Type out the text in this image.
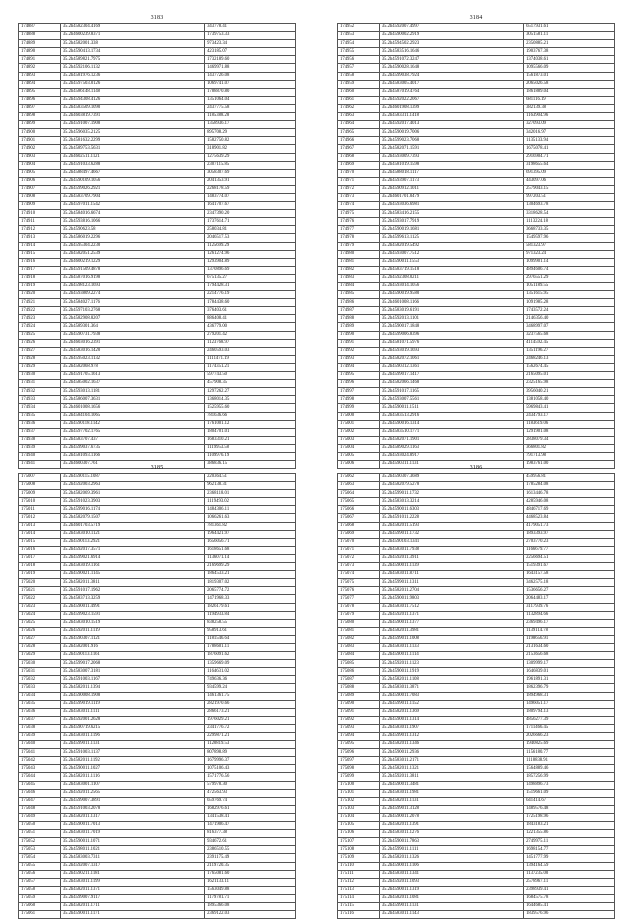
3183
174887	35.2h4582304.4169	343778.41
174888	35.2h4600239.8371	1739753.33
174889	35.2h4582001.338	973423.34
174890	35.2h4590413.1734	423185.07
174891	35.2h4589821.7975	1732189.60
174892	35.2h4592106.1132	1469971.88
174893	35.2h4581976.1236	1437726.08
174894	35.2h4597503.0126	1069741.07
174895	35.2h4586148.1148	1788870.80
174896	35.2h4594308.4126	1351064.04
174897	35.2h4583509.1090	2437775.58
174898	35.2h4603819.7391	1185388.28
174899	35.2h4591007.1908	1358936.17
174900	35.2h4596035.2125	895708.29
174901	35.2h4581632.2299	1582750.82
174902	35.2h4589753.5631	318901.82
174903	35.2h4602511.1121	1275639.29
174904	35.2h4591033.6288	2307115.85
174905	35.2h4588497.4667	3058307.69
174906	35.2h4590109.1056	2041353.91
174907	35.2h4599026.2921	2268178.59
174908	35.2h4583709.7904	1483774.07
174909	35.2h4597011.1542	1641707.67
174910	35.2h4584016.6674	2347390.20
174911	35.2h4593816.1066	1737614.71
174912	35.2h4590623.58	258034.81
174913	35.2h4586019.2296	2046517.53
174914	35.2h4595304.2230	1125699.29
174915	35.2h4582051.2539	1261274.96
174916	35.2h4600219.1229	1293904.89
174917	35.2h4591509.4878	1370896.69
174918	35.2h4587016.9198	675135.27
174919	35.2h4598123.1693	1794428.31
174920	35.2h4593809.2274	2214776.19
174921	35.2h4584027.1176	1784438.60
174922	35.2h4597103.2768	376403.61
174923	35.2h4582908.8207	886408.41
174924	35.2h4589301.364	436779.00
174925	35.2h4590731.7938	279201.42
174926	35.2h4603016.2391	1123768.97
174927	35.2h4583016.1420	2460593.03
174928	35.2h4595023.1132	1111471.19
174929	35.2h4582068.978	1174351.21
174930	35.2h4591705.1613	597743.50
174931	35.2h4585002.1637	457908.35
174932	35.2h4593013.1181	1297262.27
174933	35.2h4586007.3631	1368014.35
174934	35.2h4601008.1656	1525955.60
174935	35.2h4584104.1065	781636.66
174936	35.2h4590118.1142	1761001.12
174937	35.2h4597702.1765	1804701.01
174938	35.2h4583707.437	1683310.21
174939	35.2h4599037.6735	1119953.58
174940	35.2h4581093.1166	1109976.19
174941	35.2h4600307.761	386836.15
3184
174952	35.2h4592007.4997	6517931.61
174953	35.2h4590002.2919	3051581.11
174954	35.2h4594502.2923	2350885.21
174955	35.2h4583516.1646	1903767.38
174956	35.2h4591072.3247	1374038.61
174957	35.2h4590028.1648	1095566.09
174958	35.2h4599038.7924	1561873.01
174959	35.2h4583005.4017	2065026.58
174960	35.2h4587019.4764	1861889.04
174961	35.2h4592022.2067	681116.19
174962	35.2h4601908.1399	382139.38
174963	35.2h4583311.1418	1163904.96
174964	35.2h4592017.4013	327093.09
174965	35.2h4590019.7006	342016.97
174966	35.2h4599023.7068	1135133.94
174967	35.2h4582071.1591	1675078.41
174968	35.2h4593009.7393	2916904.71
174969	35.2h4581019.1598	3198655.64
174970	35.2h4588018.1117	691395.09
174971	35.2h4593907.1173	443097.06
174972	35.2h4590912.1011	2579043.15
174973	35.2h4601701.0479	997203.51
174974	35.2h4593036.6981	1304693.78
174975	35.2h4583416.2155	3318628.54
174976	35.2h4593017.7919	1113224.18
174977	35.2h4590019.1681	3668733.35
174978	35.2h4599613.1125	1549597.96
174979	35.2h4582019.5492	581323.97
174980	35.2h4593007.7512	971323.24
174981	35.2h4590011.1553	1099901.14
174982	35.2h4583719.1518	4894606.74
174983	35.2h4592308.0211	2976551.29
174984	35.2h4593014.1056	1051189.55
174985	35.2h4590019.9580	1351615.95
174986	35.2h4601008.1166	1091985.28
174987	35.2h4583019.6191	1743572.24
174988	35.2h4592013.1101	2146356.40
174989	35.2h4590017.1848	3468997.07
174990	35.2h4599006.8396	3237565.68
174991	35.2h4581071.5976	4114592.45
174992	35.2h4593019.1693	1351196.27
174993	35.2h4582072.1061	2468246.13
174994	35.2h4590312.1361	1562674.45
174995	35.2h4599017.1417	2165095.01
174996	35.2h4582066.1468	2325165.98
174997	35.2h4591017.1165	3956040.21
174998	35.2h4593007.5561	1381058.40
174999	35.2h4590011.1511	5969843.41
175000	35.2h4583513.2916	2434793.17
175001	35.2h4590016.1314	1183619.06
175002	35.2h4583510.1771	1291901.08
175003	35.2h4582071.1901	2838079.34
175004	35.2h4589029.1163	366801.82
175005	35.2h4593024.8917	791713.98
175006	35.2h4590311.1131	1983761.00
3185
175007	35.2h4590115.1087	220364.51
175008	35.2h4592003.2963	962138.31
175009	35.2h4582069.3961	2368118.01
175010	35.2h4591023.3903	1119493.02
175011	35.2h4599016.1174	1484306.11
175012	35.2h4582079.1507	1066261.63
175013	35.2h4601703.5719	781361.82
175014	35.2h4583010.1121	1964421.97
175015	35.2h4590113.2921	1656056.71
175016	35.2h4592017.3571	1618651.68
175017	35.2h4599021.6914	1136071.14
175018	35.2h4583019.1161	2169699.29
175019	35.2h4590021.1145	1864533.21
175020	35.2h4582011.3811	1819307.02
175021	35.2h4591017.1962	2065774.72
175022	35.2h4583713.3259	1471968.33
175023	35.2h4590011.4991	1826179.61
175024	35.2h4599023.1591	1194933.84
175025	35.2h4583010.1519	838258.55
175026	35.2h4592011.1119	958913.61
175027	35.2h4590307.1121	1181546.64
175028	35.2h4582001.916	1788601.11
175029	35.2h4590113.1161	1876091.62
175030	35.2h4599017.2068	1359669.09
175031	35.2h4583007.3181	1164631.02
175032	35.2h4591003.1167	749636.36
175033	35.2h4582011.1394	934599.24
175034	35.2h4590008.1908	1461361.75
175035	35.2h4599019.1119	2821970.66
175036	35.2h4583011.1111	2866173.21
175037	35.2h4592001.2628	1976029.21
175038	35.2h4590719.6215	2341776.72
175039	35.2h4583011.1196	2299871.21
175040	35.2h4599011.1131	1120819.53
175041	35.2h4591003.1137	807898.89
175042	35.2h4582011.1192	1679996.37
175043	35.2h4590011.1027	1075106.43
175044	35.2h4582011.1116	1571776.56
175045	35.2h4583001.1107	579978.30
175046	35.2h4592011.2565	472563.93
175047	35.2h4599007.3891	659769.74
175048	35.2h4591003.2078	1682976.61
175049	35.2h4582011.1317	1341538.41
175050	35.2h4590011.7013	1471906.47
175051	35.2h4583011.7019	816377.38
175052	35.2h4590011.1071	934672.61
175053	35.2h4598011.1021	2386510.55
175054	35.2h4583003.7311	2391175.49
175055	35.2h4592007.1317	2119720.35
175056	35.2h4590211.1181	1765081.60
175057	35.2h4583011.1199	1621133.11
175058	35.2h4582011.1371	1563049.88
175059	35.2h4599007.9117	1179781.71
175060	35.2h4582011.1711	1895366.08
175061	35.2h4590011.1171	2369122.03
3186
175062	35.2h4590307.3689	459956.81
175063	35.2h4582079.5278	1785284.08
175064	35.2h4599011.1732	1613446.78
175065	35.2h4583013.3214	4285946.08
175066	35.2h4590011.6303	4846717.69
175067	35.2h4591011.2228	4468523.84
175068	35.2h4582011.5193	4179051.73
175069	35.2h4599011.1732	1893393.97
175070	35.2h4590103.1341	2703770.23
175071	35.2h4583011.7938	1166679.77
175072	35.2h4592011.3911	2256694.51
175073	35.2h4590011.1139	1519391.67
175074	35.2h4583011.8711	1643157.58
175075	35.2h4599011.1311	3462575.18
175076	35.2h4582011.2704	1536656.27
175077	35.2h4590011.9803	2064483.17
175078	35.2h4583011.7512	3117939.76
175079	35.2h4592011.1371	1132894.66
175080	35.2h4590011.1377	2369496.17
175081	35.2h4582011.3981	1139114.78
175082	35.2h4599011.1008	1198656.91
175083	35.2h4583011.1133	2131634.60
175084	35.2h4590011.1114	2153656.68
175085	35.2h4592011.1123	1309999.17
175086	35.2h4590011.1919	1646839.01
175087	35.2h4582011.1108	1961891.31
175088	35.2h4583011.3871	1862396.79
175089	35.2h4590011.7083	1894968.31
175090	35.2h4599011.1152	1496051.17
175091	35.2h4582011.1369	1809794.13
175092	35.2h4590011.1314	4856277.39
175093	35.2h4583011.1907	1711466.45
175094	35.2h4599011.1312	2026666.23
175095	35.2h4582011.1346	1940825.69
175096	35.2h4590011.2936	1156180.77
175097	35.2h4583011.2171	1118838.91
175098	35.2h4582011.1321	1564889.46
175099	35.2h4592011.3811	1857256.99
175100	35.2h4590011.3481	1498896.73
175101	35.2h4583011.1981	1519661.09
175102	35.2h4582011.1131	641414.67
175103	35.2h4599011.3128	1489576.48
175104	35.2h4590011.2078	1725198.96
175105	35.2h4582011.1391	1843183.21
175106	35.2h4583011.1276	1221355.86
175107	35.2h4590011.7863	2749975.11
175108	35.2h4599011.1111	1698154.77
175109	35.2h4582011.1326	1451777.99
175110	35.2h4590011.1106	1394164.59
175111	35.2h4583011.1341	1137235.00
175112	35.2h4592011.1093	2578967.11
175113	35.2h4590011.1319	2398939.41
175114	35.2h4582011.1081	1684575.78
175115	35.2h4599011.1131	1644685.41
175116	35.2h4583011.1143	1839576.96
